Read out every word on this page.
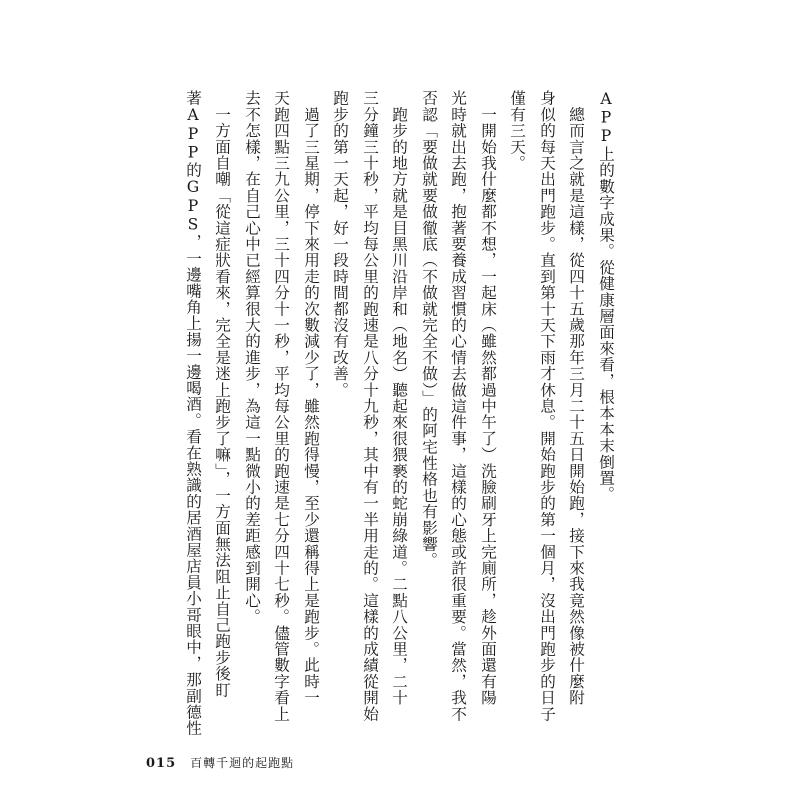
APP上的數字成果。從健康層面來看，根本本末倒置。
　總而言之就是這樣，從四十五歲那年三月二十五日開始跑，接下來我竟然像被什麼附
身似的每天出門跑步。直到第十天下雨才休息。開始跑步的第一個月，沒出門跑步的日子
僅有三天。
　一開始我什麼都不想，一起床（雖然都過中午了）洗臉刷牙上完廁所，趁外面還有陽
光時就出去跑，抱著要養成習慣的心情去做這件事，這樣的心態或許很重要。當然，我不
否認「要做就要做徹底（不做就完全不做）」的阿宅性格也有影響。
　跑步的地方就是目黑川沿岸和（地名）聽起來很猥褻的蛇崩綠道。二點八公里，二十
三分鐘三十秒，平均每公里的跑速是八分十九秒，其中有一半用走的。這樣的成績從開始
跑步的第一天起，好一段時間都沒有改善。
　過了三星期，停下來用走的次數減少了，雖然跑得慢，至少還稱得上是跑步。此時一
天跑四點三九公里，三十四分十一秒，平均每公里的跑速是七分四十七秒。儘管數字看上
去不怎樣，在自己心中已經算很大的進步，為這一點微小的差距感到開心。
　一方面自嘲「從這症狀看來，完全是迷上跑步了嘛」，一方面無法阻止自己跑步後盯
著APP的GPS，一邊嘴角上揚一邊喝酒。看在熟識的居酒屋店員小哥眼中，那副德性
015 百轉千迴的起跑點
